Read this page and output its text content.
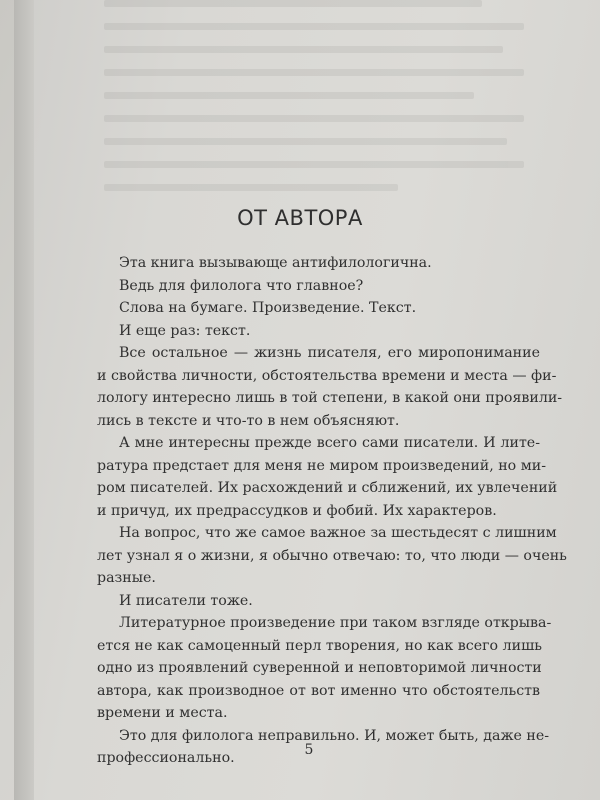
ОТ АВТОРА
Эта книга вызывающе антифилологична.
Ведь для филолога что главное?
Слова на бумаге. Произведение. Текст.
И еще раз: текст.
Все остальное — жизнь писателя, его миропонимание
и свойства личности, обстоятельства времени и места — фи-
лологу интересно лишь в той степени, в какой они проявили-
лись в тексте и что-то в нем объясняют.
А мне интересны прежде всего сами писатели. И лите-
ратура предстает для меня не миром произведений, но ми-
ром писателей. Их расхождений и сближений, их увлечений
и причуд, их предрассудков и фобий. Их характеров.
На вопрос, что же самое важное за шестьдесят с лишним
лет узнал я о жизни, я обычно отвечаю: то, что люди — очень
разные.
И писатели тоже.
Литературное произведение при таком взгляде открыва-
ется не как самоценный перл творения, но как всего лишь
одно из проявлений суверенной и неповторимой личности
автора, как производное от вот именно что обстоятельств
времени и места.
Это для филолога неправильно. И, может быть, даже не-
профессионально.	5
